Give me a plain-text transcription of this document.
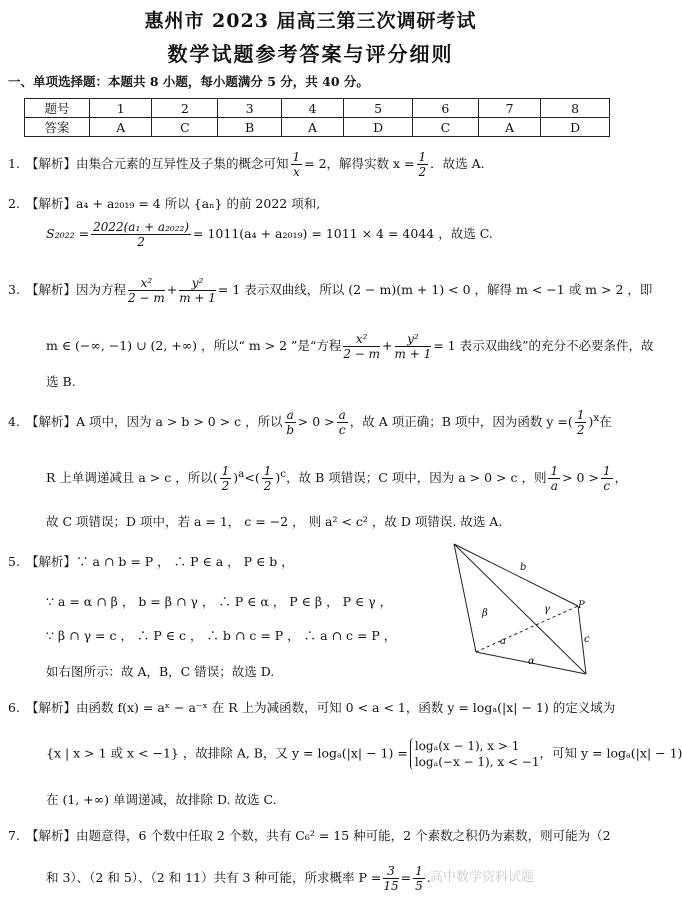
惠州市 2023 届高三第三次调研考试
数学试题参考答案与评分细则
一、单项选择题：本题共 8 小题，每小题满分 5 分，共 40 分。
题号	1	2	3	4	5	6	7	8
答案	A	C	B	A	D	C	A	D
1. 【解析】由集合元素的互异性及子集的概念可知 $\frac{1}{x} = 2$，解得实数 $x = \frac{1}{2}$ ．故选 A.
2. 【解析】a₄ + a₂₀₁₉ = 4 所以 {aₙ} 的前 2022 项和,
$S_{2022} = \frac{\text{2022(a₁ + a₂₀₂₂)}}{2} = 1011(a_4 + a_{2019}) = 1011 \times 4 = 4044$ ，故选 C.
3. 【解析】因为方程 $\frac{\text{x²}}{2 - m} + \frac{\text{y²}}{m + 1} = 1$ 表示双曲线，所以 (2 − m)(m + 1) < 0 ，解得 m < −1 或 m > 2 ，即
m ∈ (−∞, −1) ∪ (2, +∞) ，所以“ m > 2 ”是“方程 $\frac{\text{x²}}{2 - m} + \frac{\text{y²}}{m + 1} = 1$ 表示双曲线”的充分不必要条件，故
选 B.
4. 【解析】A 项中，因为 a > b > 0 > c ，所以 $\frac{a}{b} > 0 > \frac{a}{c}$ ，故 A 项正确；B 项中，因为函数 y =( $\frac{1}{2} )^x$在
R 上单调递减且 a > c ，所以( $\frac{1}{2} )^a<( \frac{1}{2} )^c$，故 B 项错误；C 项中，因为 a > 0 > c ，则 $\frac{1}{a} > 0 > \frac{1}{c}$ ，
故 C 项错误；D 项中，若 a = 1， c = −2 ， 则 a² < c² ，故 D 项错误. 故选 A.
5. 【解析】∵ a ∩ b = P ， ∴ P ∈ a ， P ∈ b ，
∵ a = α ∩ β ， b = β ∩ γ ， ∴ P ∈ α ， P ∈ β ， P ∈ γ ，
∵ β ∩ γ = c ， ∴ P ∈ c ， ∴ b ∩ c = P ， ∴ a ∩ c = P ，
如右图所示：故 A，B，C 错误；故选 D.
b
P
β	γ
a	c
α
6. 【解析】由函数 f(x) = aˣ − a⁻ˣ 在 R 上为减函数，可知 0 < a < 1，函数 y = logₐ(|x| − 1) 的定义域为
{x | x > 1 或 x < −1} ，故排除 A, B，又 y = logₐ(|x| − 1) = logₐ(x − 1), x > 1
logₐ(−x − 1), x < −1
，可知 y = logₐ(|x| − 1)
在 (1, +∞) 单调递减，故排除 D. 故选 C.
7. 【解析】由题意得，6 个数中任取 2 个数，共有 C₆² = 15 种可能，2 个素数之积仍为素数，则可能为（2
和 3）、（2 和 5）、（2 和 11）共有 3 种可能，所求概率 $P = \frac{3}{15} = \frac{1}{5}$ . 高中数学资料试题
